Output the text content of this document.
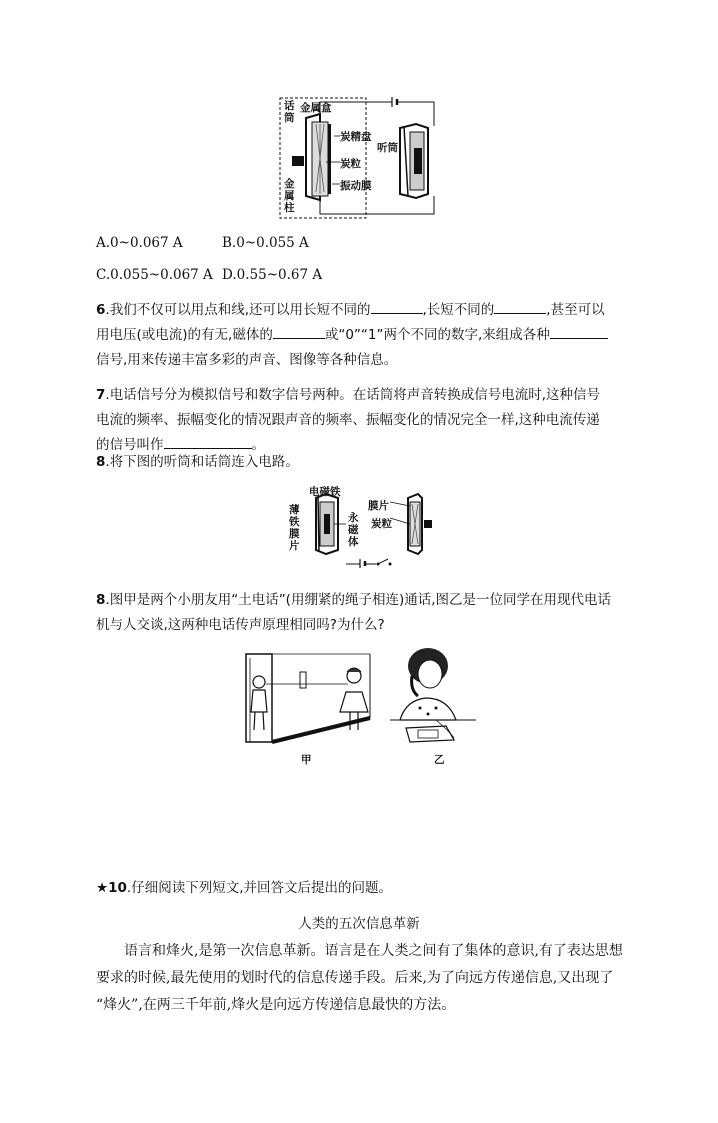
话筒
金属盒
炭精盘
炭粒
振动膜
金属柱
听筒
A.0~0.067 A	B.0~0.055 A
C.0.055~0.067 A D.0.55~0.67 A
6.我们不仅可以用点和线,还可以用长短不同的	,长短不同的	,甚至可以
用电压(或电流)的有无,磁体的	或“0”“1”两个不同的数字,来组成各种
信号,用来传递丰富多彩的声音、图像等各种信息。
7.电话信号分为模拟信号和数字信号两种。在话筒将声音转换成信号电流时,这种信号
电流的频率、振幅变化的情况跟声音的频率、振幅变化的情况完全一样,这种电流传递
的信号叫作	。
8.将下图的听筒和话筒连入电路。
电磁铁
薄铁膜片
永磁体
膜片
炭粒
8.图甲是两个小朋友用“土电话”(用绷紧的绳子相连)通话,图乙是一位同学在用现代电话
机与人交谈,这两种电话传声原理相同吗?为什么?
甲	乙
★10.仔细阅读下列短文,并回答文后提出的问题。
人类的五次信息革新
语言和烽火,是第一次信息革新。语言是在人类之间有了集体的意识,有了表达思想
要求的时候,最先使用的划时代的信息传递手段。后来,为了向远方传递信息,又出现了
“烽火”,在两三千年前,烽火是向远方传递信息最快的方法。
